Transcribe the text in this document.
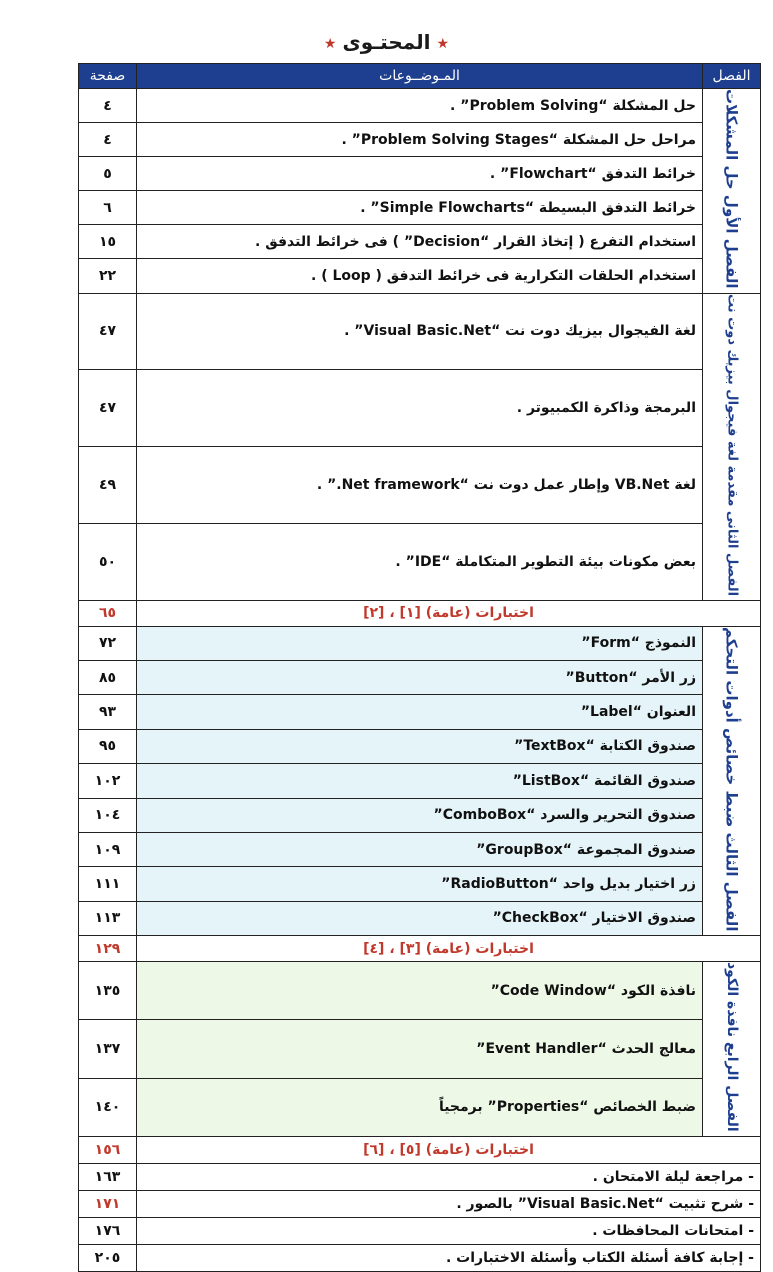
★ المحتـوى ★
الفصل	المـوضــوعات	صفحة
الفصل الأول حل المشكلات	حل المشكلة “Problem Solving” .	٤
	مراحل حل المشكلة “Problem Solving Stages” .	٤
	خرائط التدفق “Flowchart” .	٥
	خرائط التدفق البسيطة “Simple Flowcharts” .	٦
	استخدام التفرع ( إتخاذ القرار “Decision” ) فى خرائط التدفق .	١٥
	استخدام الحلقات التكرارية فى خرائط التدفق ( Loop ) .	٢٢
الفصل الثانى مقدمة لغة فيجوال بيزيك دوت نت	لغة الفيجوال بيزيك دوت نت “Visual Basic.Net” .	٤٧
	البرمجة وذاكرة الكمبيوتر .	٤٧
	لغة VB.Net وإطار عمل دوت نت “Net framework.” .	٤٩
	بعض مكونات بيئة التطوير المتكاملة “IDE” .	٥٠
اختبارات (عامة) [١] ، [٢]		٦٥
الفصل الثالث ضبط خصائص أدوات التحكم	النموذج “Form”	٧٢
	زر الأمر “Button”	٨٥
	العنوان “Label”	٩٣
	صندوق الكتابة “TextBox”	٩٥
	صندوق القائمة “ListBox”	١٠٢
	صندوق التحرير والسرد “ComboBox”	١٠٤
	صندوق المجموعة “GroupBox”	١٠٩
	زر اختيار بديل واحد “RadioButton”	١١١
	صندوق الاختيار “CheckBox”	١١٣
اختبارات (عامة) [٣] ، [٤]		١٢٩
الفصل الرابع نافذة الكود	نافذة الكود “Code Window”	١٣٥
	معالج الحدث “Event Handler”	١٣٧
	ضبط الخصائص “Properties” برمجياً	١٤٠
اختبارات (عامة) [٥] ، [٦]		١٥٦
- مراجعة ليلة الامتحان .		١٦٣
- شرح تثبيت “Visual Basic.Net” بالصور .		١٧١
- امتحانات المحافظات .		١٧٦
- إجابة كافة أسئلة الكتاب وأسئلة الاختبارات .		٢٠٥
